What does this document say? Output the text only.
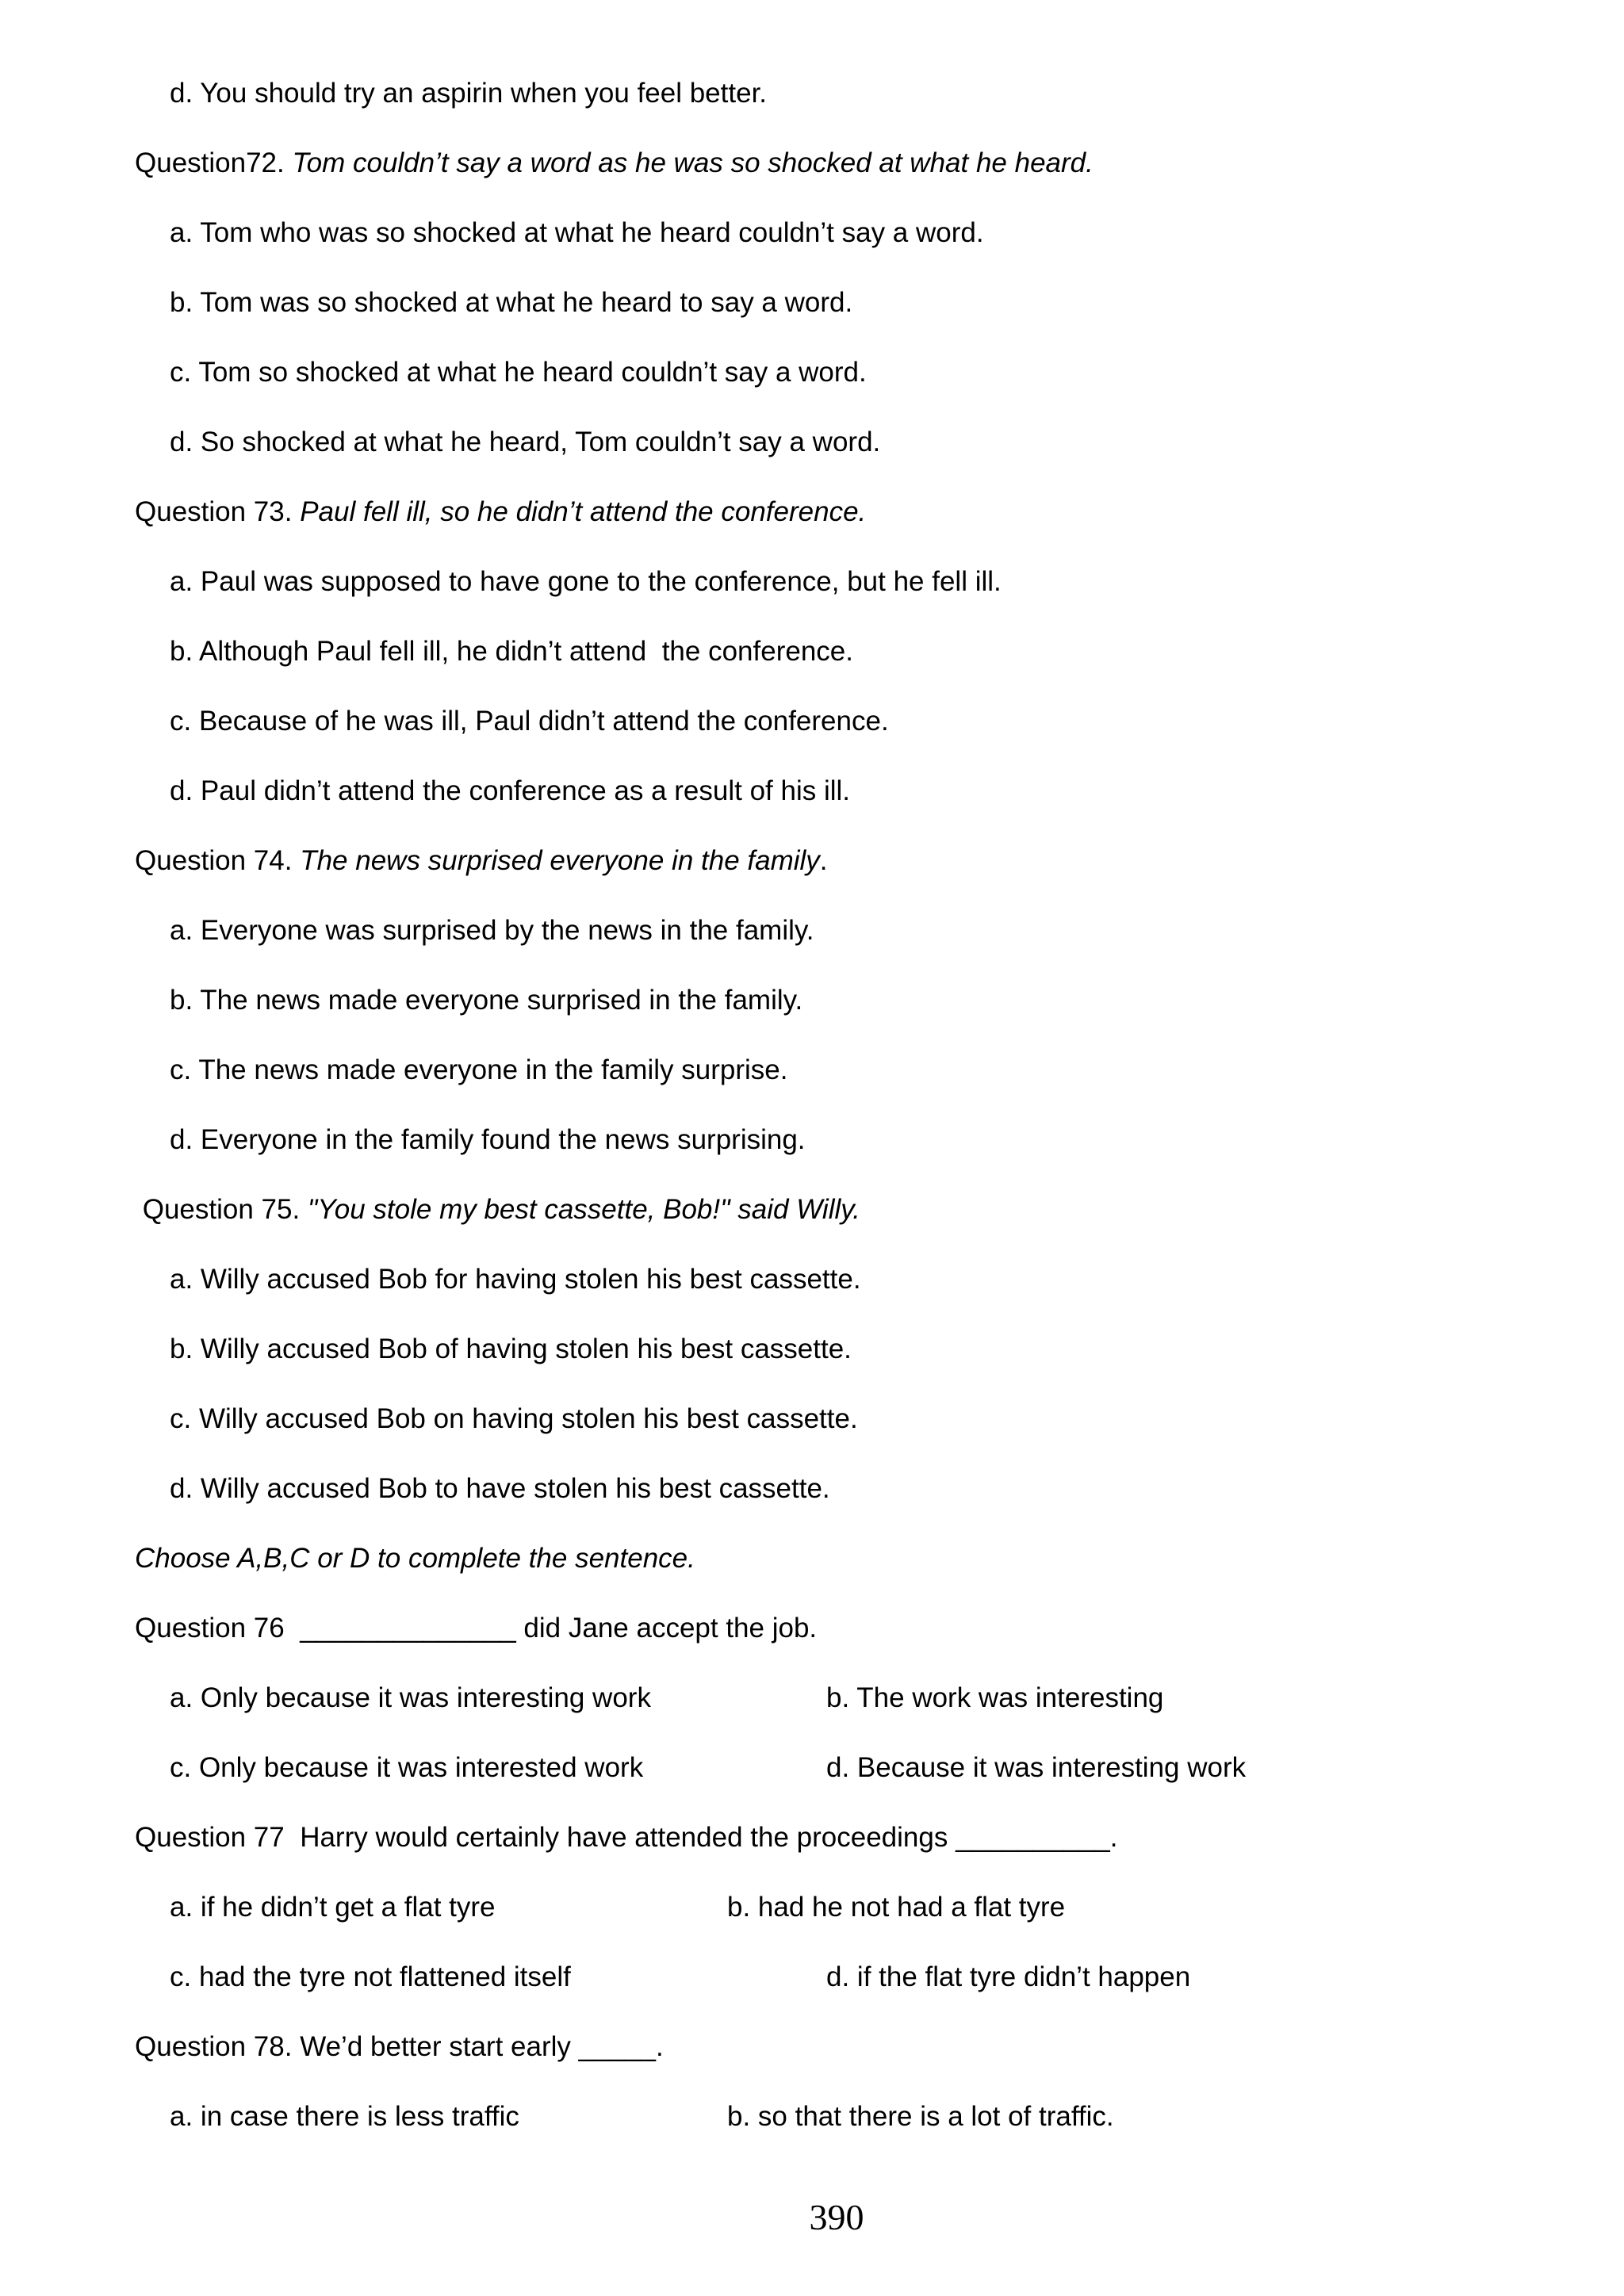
d. You should try an aspirin when you feel better.
Question72. Tom couldn’t say a word as he was so shocked at what he heard.
a. Tom who was so shocked at what he heard couldn’t say a word.
b. Tom was so shocked at what he heard to say a word.
c. Tom so shocked at what he heard couldn’t say a word.
d. So shocked at what he heard, Tom couldn’t say a word.
Question 73. Paul fell ill, so he didn’t attend the conference.
a. Paul was supposed to have gone to the conference, but he fell ill.
b. Although Paul fell ill, he didn’t attend  the conference.
c. Because of he was ill, Paul didn’t attend the conference.
d. Paul didn’t attend the conference as a result of his ill.
Question 74. The news surprised everyone in the family.
a. Everyone was surprised by the news in the family.
b. The news made everyone surprised in the family.
c. The news made everyone in the family surprise.
d. Everyone in the family found the news surprising.
Question 75. "You stole my best cassette, Bob!" said Willy.
a. Willy accused Bob for having stolen his best cassette.
b. Willy accused Bob of having stolen his best cassette.
c. Willy accused Bob on having stolen his best cassette.
d. Willy accused Bob to have stolen his best cassette.
Choose A,B,C or D to complete the sentence.
Question 76  ______________ did Jane accept the job.
a. Only because it was interesting work	b. The work was interesting
c. Only because it was interested work	d. Because it was interesting work
Question 77  Harry would certainly have attended the proceedings __________.
a. if he didn’t get a flat tyre	b. had he not had a flat tyre
c. had the tyre not flattened itself	d. if the flat tyre didn’t happen
Question 78. We’d better start early _____.
a. in case there is less traffic	b. so that there is a lot of traffic.
390
